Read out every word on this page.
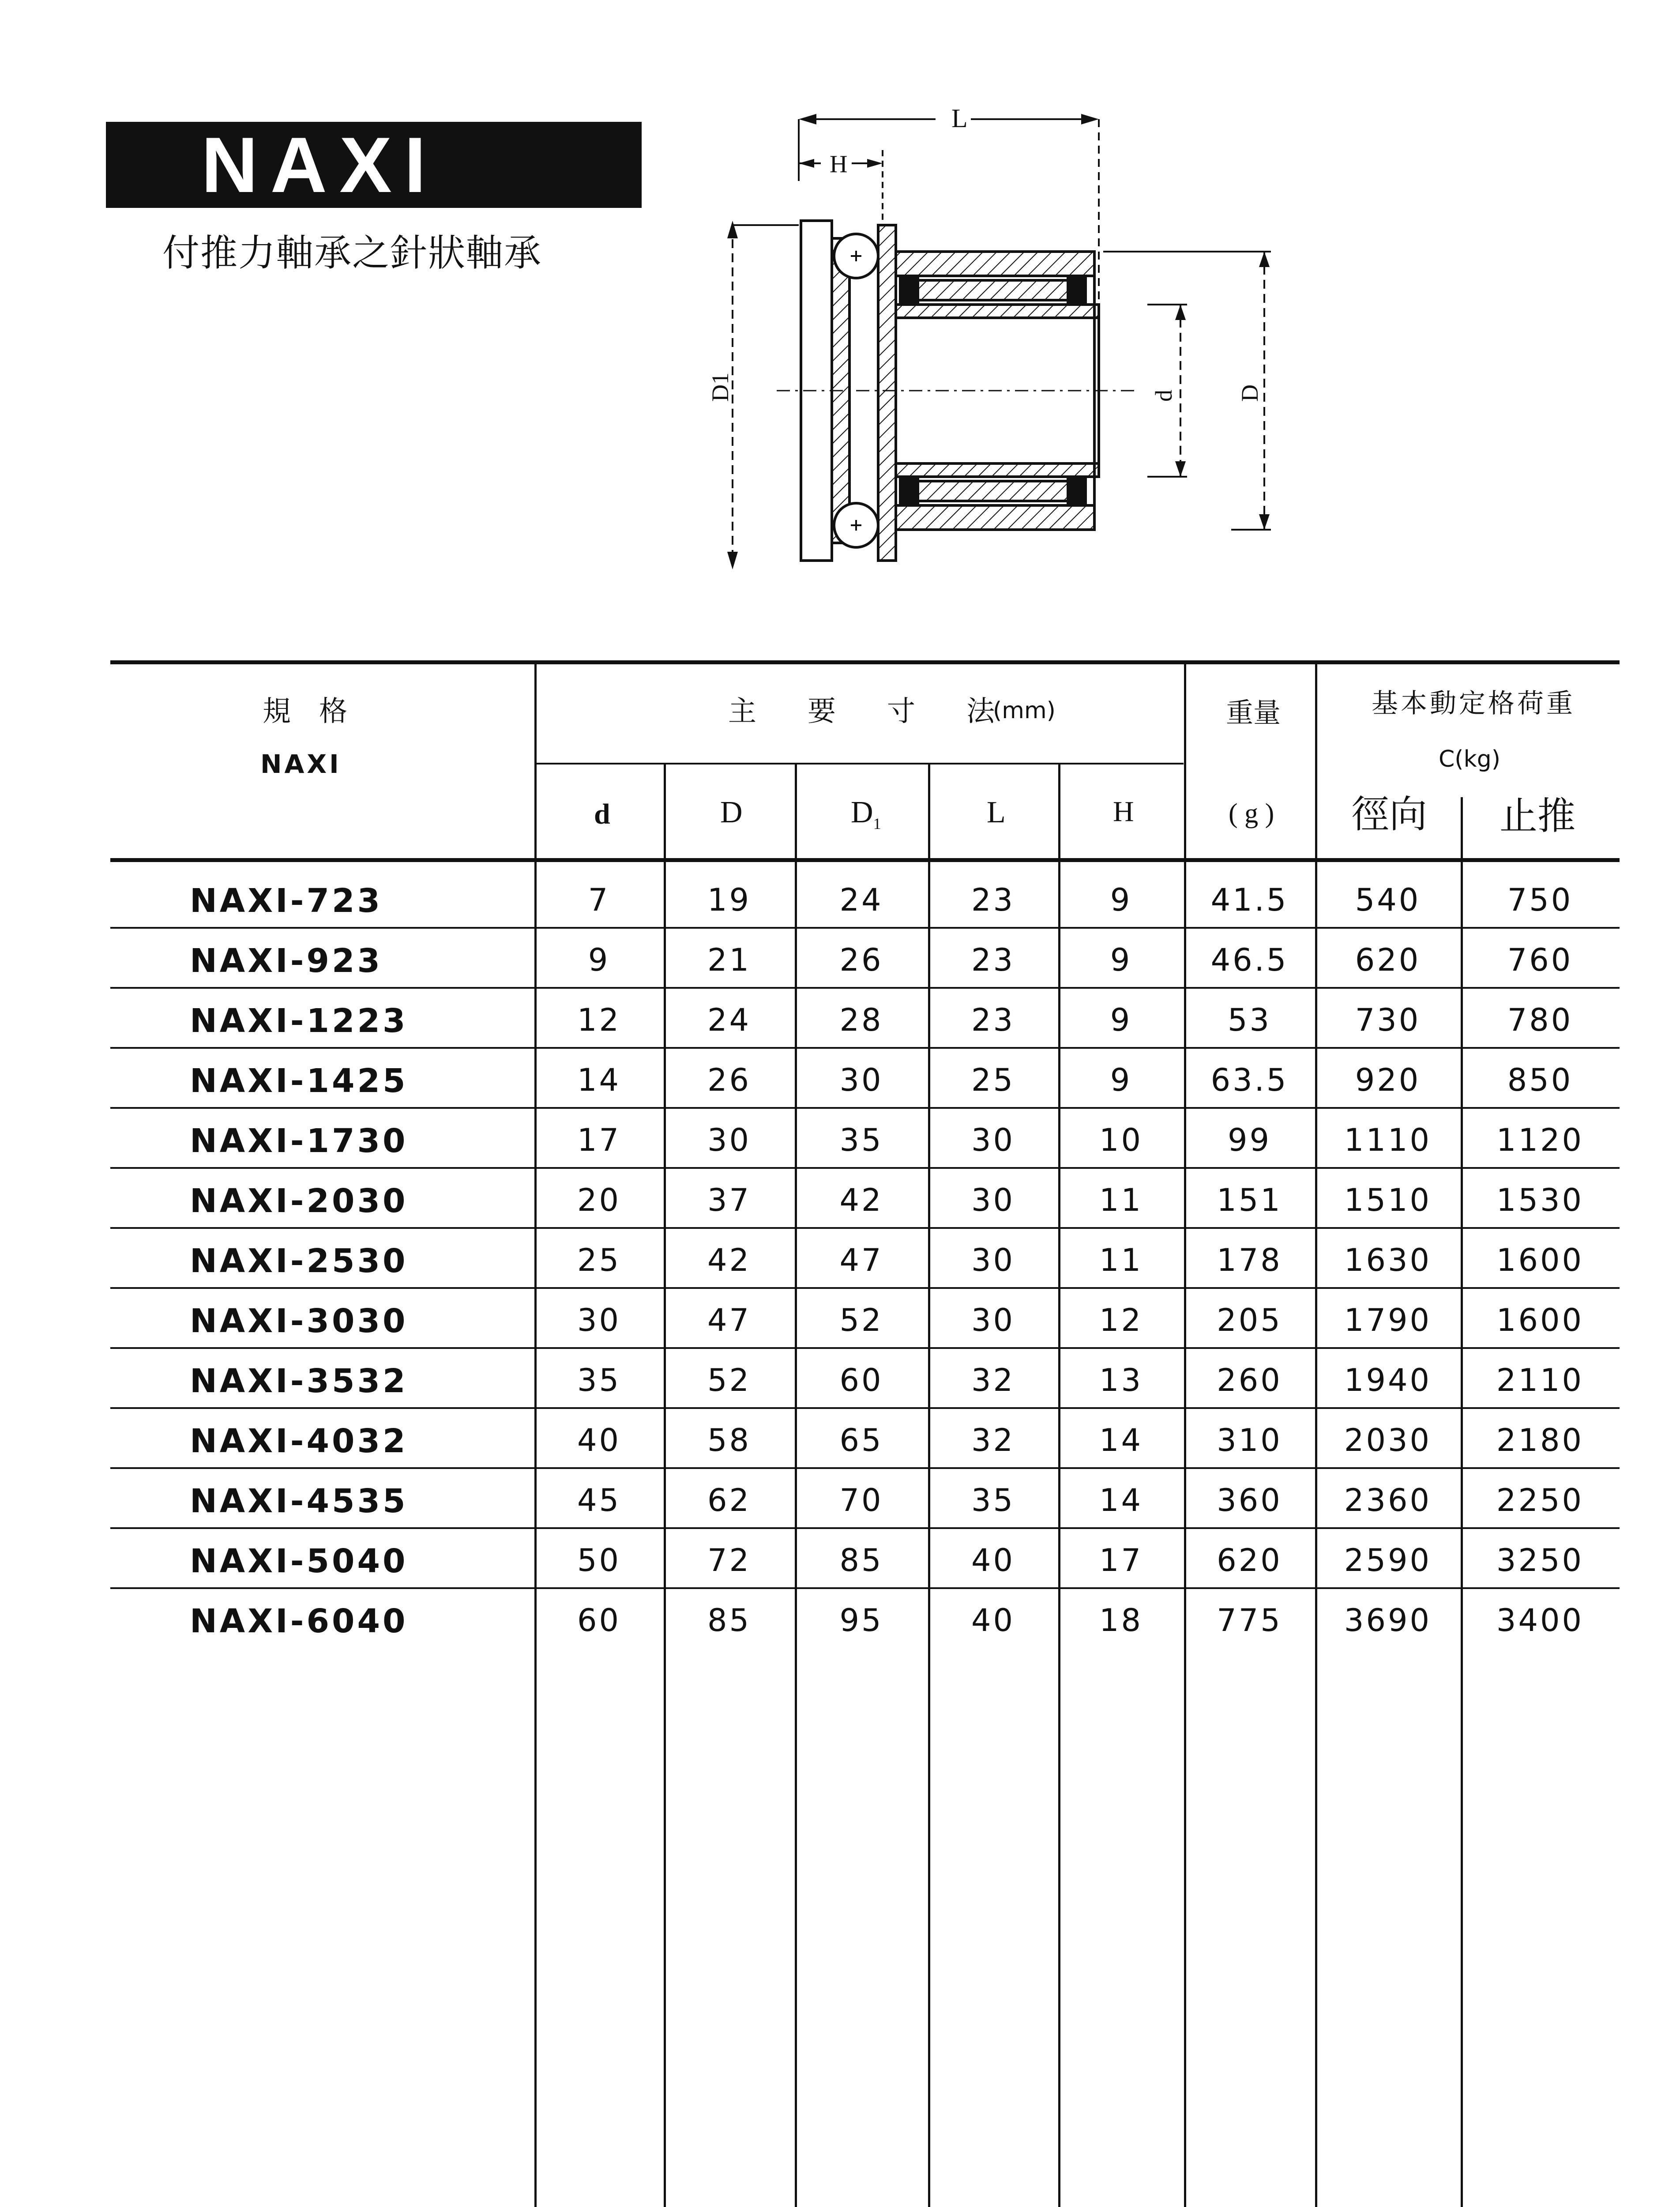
NAXI
付推力軸承之針狀軸承
L
H
D1	d	D
規　格
NAXI
主　要　寸　法
(mm)	重量
( g )
基本動定格荷重
C(kg)
d	D	$D_1$	L	H	徑向 止推
NAXI-723	7	19	24	23	9	41.5	540	750
NAXI-923	9	21	26	23	9	46.5	620	760
NAXI-1223	12	24	28	23	9	53	730	780
NAXI-1425	14	26	30	25	9	63.5	920	850
NAXI-1730	17	30	35	30	10	99	1110	1120
NAXI-2030	20	37	42	30	11	151	1510	1530
NAXI-2530	25	42	47	30	11	178	1630	1600
NAXI-3030	30	47	52	30	12	205	1790	1600
NAXI-3532	35	52	60	32	13	260	1940	2110
NAXI-4032	40	58	65	32	14	310	2030	2180
NAXI-4535	45	62	70	35	14	360	2360	2250
NAXI-5040	50	72	85	40	17	620	2590	3250
NAXI-6040	60	85	95	40	18	775	3690	3400
